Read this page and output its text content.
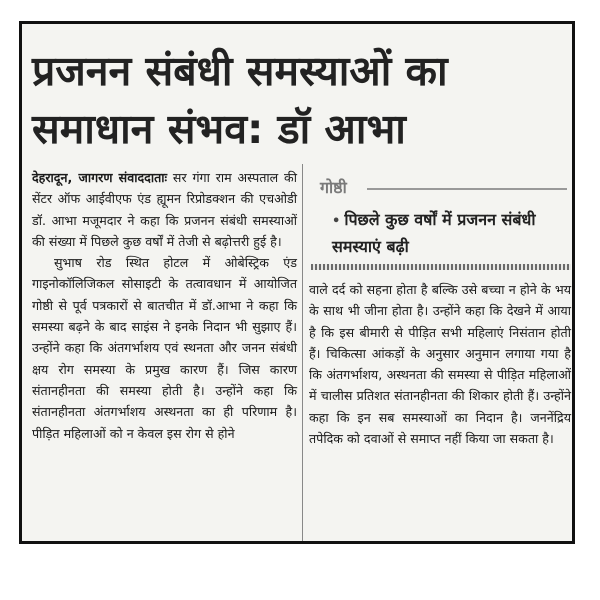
प्रजनन संबंधी समस्याओं का
समाधान संभव: डॉ आभा

देहरादून, जागरण संवाददाताः सर गंगा राम अस्पताल की सेंटर ऑफ आईवीएफ एंड ह्यूमन रिप्रोडक्शन की एचओडी डॉ. आभा मजूमदार ने कहा कि प्रजनन संबंधी समस्याओं की संख्या में पिछले कुछ वर्षों में तेजी से बढ़ोत्तरी हुई है।

सुभाष रोड स्थित होटल में ओबेस्ट्रिक एंड गाइनोकॉलिजिकल सोसाइटी के तत्वावधान में आयोजित गोष्ठी से पूर्व पत्रकारों से बातचीत में डॉ.आभा ने कहा कि समस्या बढ़ने के बाद साइंस ने इनके निदान भी सुझाए हैं। उन्होंने कहा कि अंतगर्भाशय एवं स्थनता और जनन संबंधी क्षय रोग समस्या के प्रमुख कारण हैं। जिस कारण संतानहीनता की समस्या होती है। उन्होंने कहा कि संतानहीनता अंतगर्भाशय अस्थनता का ही परिणाम है। पीड़ित महिलाओं को न केवल इस रोग से होने

गोष्ठी
• पिछले कुछ वर्षों में प्रजनन संबंधी समस्याएं बढ़ी

वाले दर्द को सहना होता है बल्कि उसे बच्चा न होने के भय के साथ भी जीना होता है। उन्होंने कहा कि देखने में आया है कि इस बीमारी से पीड़ित सभी महिलाएं निसंतान होती हैं। चिकित्सा आंकड़ों के अनुसार अनुमान लगाया गया है कि अंतगर्भाशय, अस्थनता की समस्या से पीड़ित महिलाओं में चालीस प्रतिशत संतानहीनता की शिकार होती हैं। उन्होंने कहा कि इन सब समस्याओं का निदान है। जननेंद्रिय तपेदिक को दवाओं से समाप्त नहीं किया जा सकता है।
